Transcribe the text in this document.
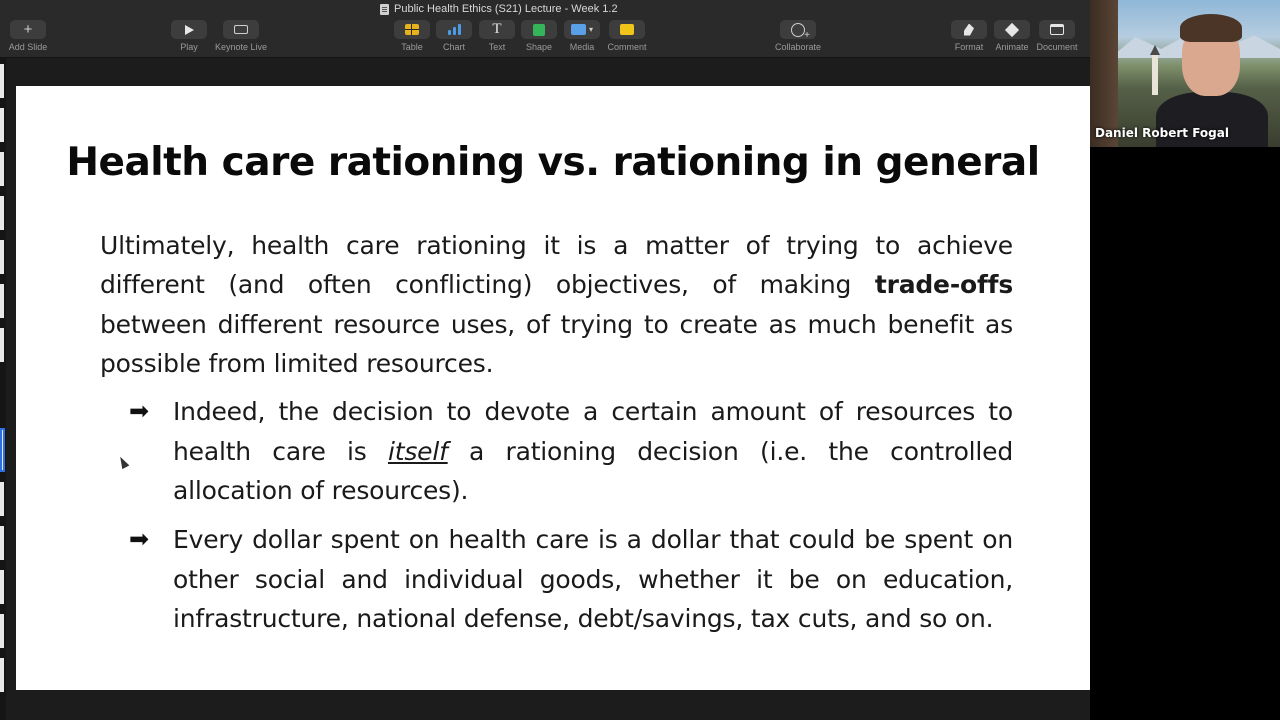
Public Health Ethics (S21) Lecture - Week 1.2
+
Add Slide	Play Keynote Live	Table Chart
T
Text Shape
▾
Media Comment
+	Collaborate	Format Animate Document
Health care rationing vs. rationing in general
Ultimately, health care rationing it is a matter of trying to achieve different (and often conflicting) objectives, of making trade-offs between different resource uses, of trying to create as much benefit as possible from limited resources.
➡ Indeed, the decision to devote a certain amount of resources to health care is itself a rationing decision (i.e. the controlled allocation of resources).
➡ Every dollar spent on health care is a dollar that could be spent on other social and individual goods, whether it be on education, infrastructure, national defense, debt/savings, tax cuts, and so on.
Daniel Robert Fogal
